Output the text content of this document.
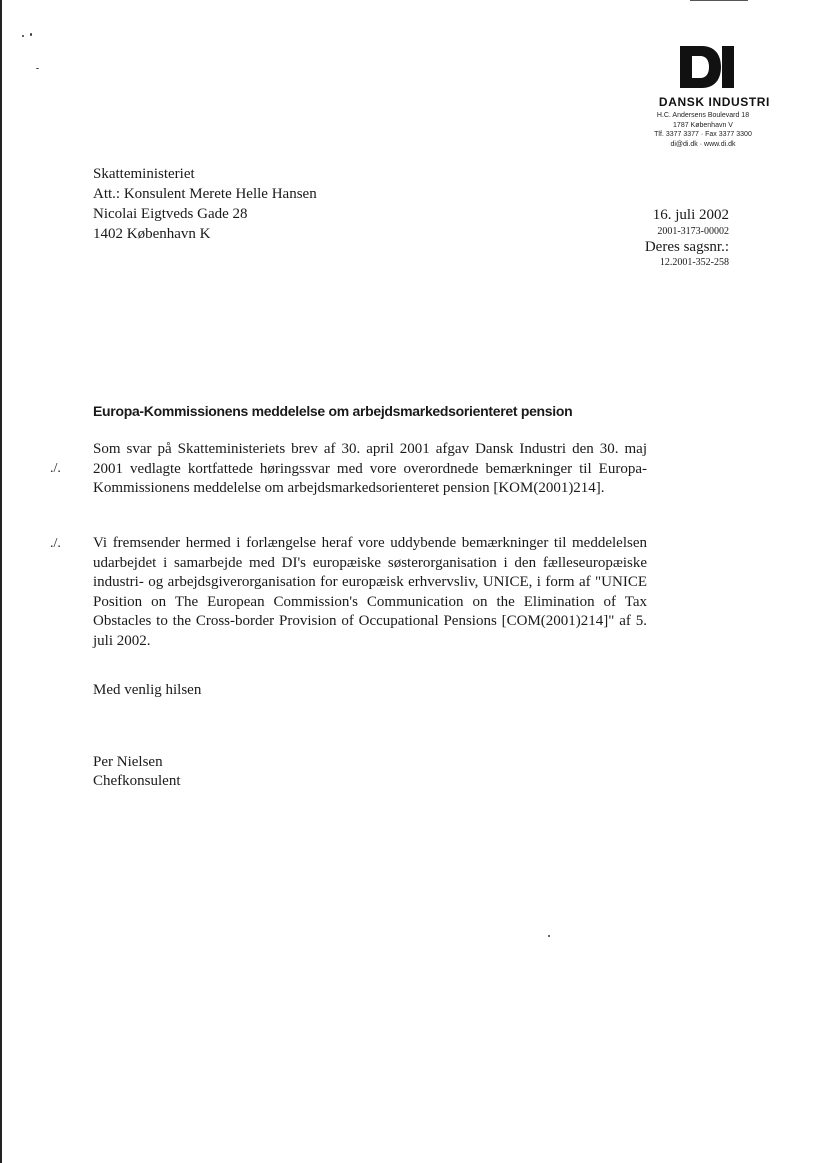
DANSK INDUSTRI
H.C. Andersens Boulevard 18
1787 København V
Tlf. 3377 3377 · Fax 3377 3300
di@di.dk · www.di.dk
Skatteministeriet
Att.: Konsulent Merete Helle Hansen
Nicolai Eigtveds Gade 28
1402 København K
16. juli 2002
2001-3173-00002
Deres sagsnr.:
12.2001-352-258
Europa-Kommissionens meddelelse om arbejdsmarkedsorienteret pension
./.
./.
Som svar på Skatteministeriets brev af 30. april 2001 afgav Dansk Industri den 30. maj 2001 vedlagte kortfattede høringssvar med vore overordnede bemærkninger til Europa-Kommissionens meddelelse om arbejdsmarkedsorienteret pension [KOM(2001)214].
Vi fremsender hermed i forlængelse heraf vore uddybende bemærkninger til meddelelsen udarbejdet i samarbejde med DI's europæiske søsterorganisation i den fælleseuropæiske industri- og arbejdsgiverorganisation for europæisk erhvervsliv, UNICE, i form af "UNICE Position on The European Commission's Communication on the Elimination of Tax Obstacles to the Cross-border Provision of Occupational Pensions [COM(2001)214]" af 5. juli 2002.
Med venlig hilsen
Per Nielsen
Chefkonsulent
